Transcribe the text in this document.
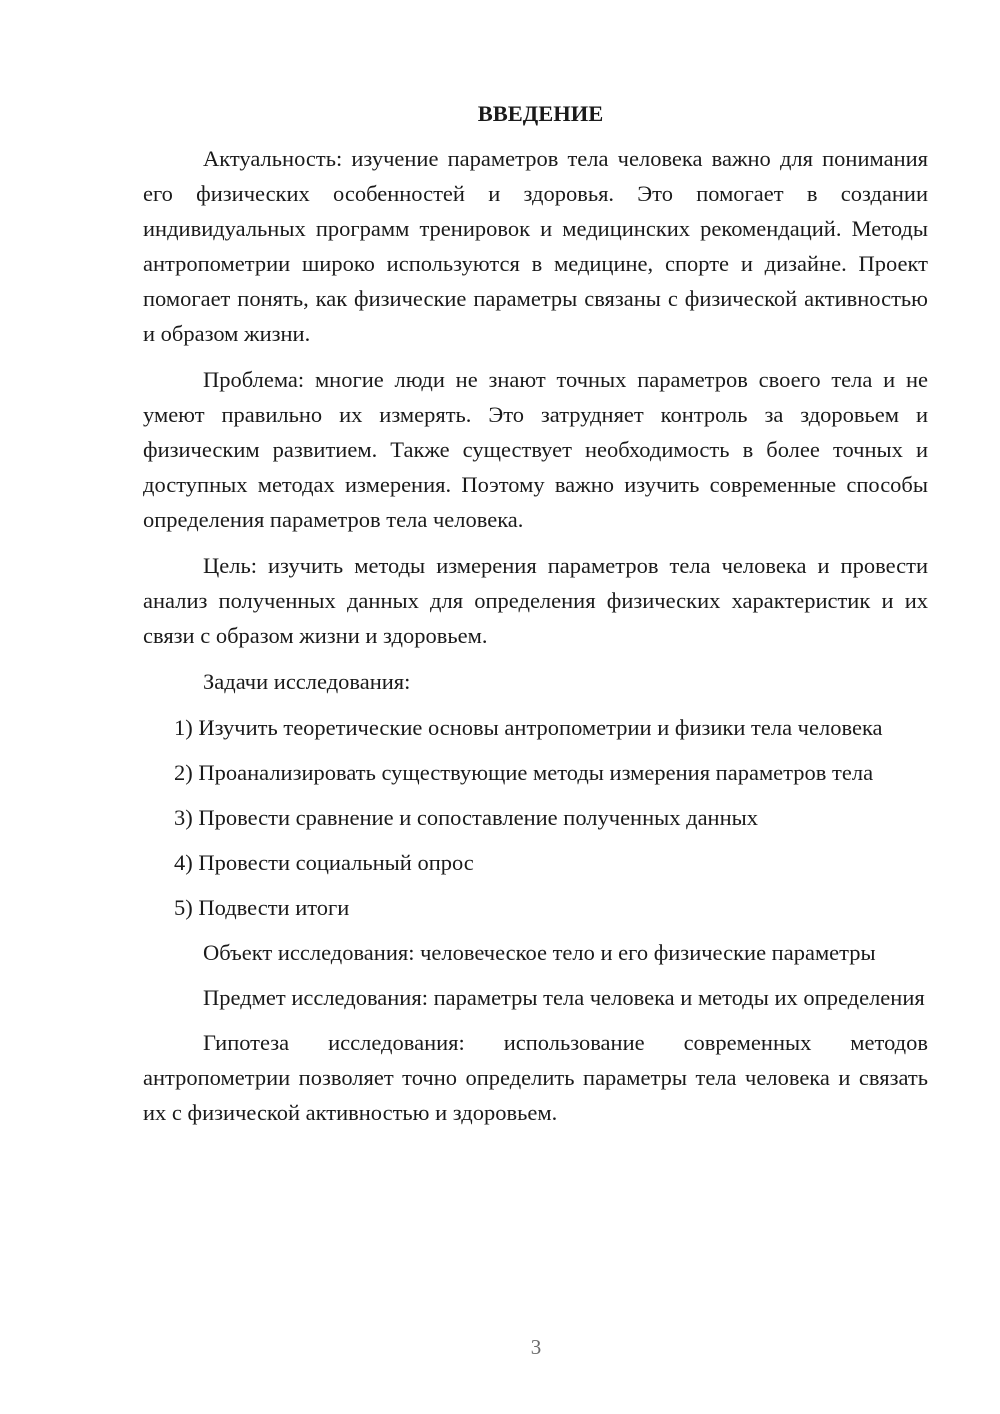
ВВЕДЕНИЕ

Актуальность: изучение параметров тела человека важно для понимания его физических особенностей и здоровья. Это помогает в создании индивидуальных программ тренировок и медицинских рекомендаций. Методы антропометрии широко используются в медицине, спорте и дизайне. Проект помогает понять, как физические параметры связаны с физической активностью и образом жизни.

Проблема: многие люди не знают точных параметров своего тела и не умеют правильно их измерять. Это затрудняет контроль за здоровьем и физическим развитием. Также существует необходимость в более точных и доступных методах измерения. Поэтому важно изучить современные способы определения параметров тела человека.

Цель: изучить методы измерения параметров тела человека и провести анализ полученных данных для определения физических характеристик и их связи с образом жизни и здоровьем.

Задачи исследования:

1) Изучить теоретические основы антропометрии и физики тела человека

2) Проанализировать существующие методы измерения параметров тела

3) Провести сравнение и сопоставление полученных данных

4) Провести социальный опрос

5) Подвести итоги

Объект исследования: человеческое тело и его физические параметры

Предмет исследования: параметры тела человека и методы их определения

Гипотеза исследования: использование современных методов антропометрии позволяет точно определить параметры тела человека и связать их с физической активностью и здоровьем.

3
